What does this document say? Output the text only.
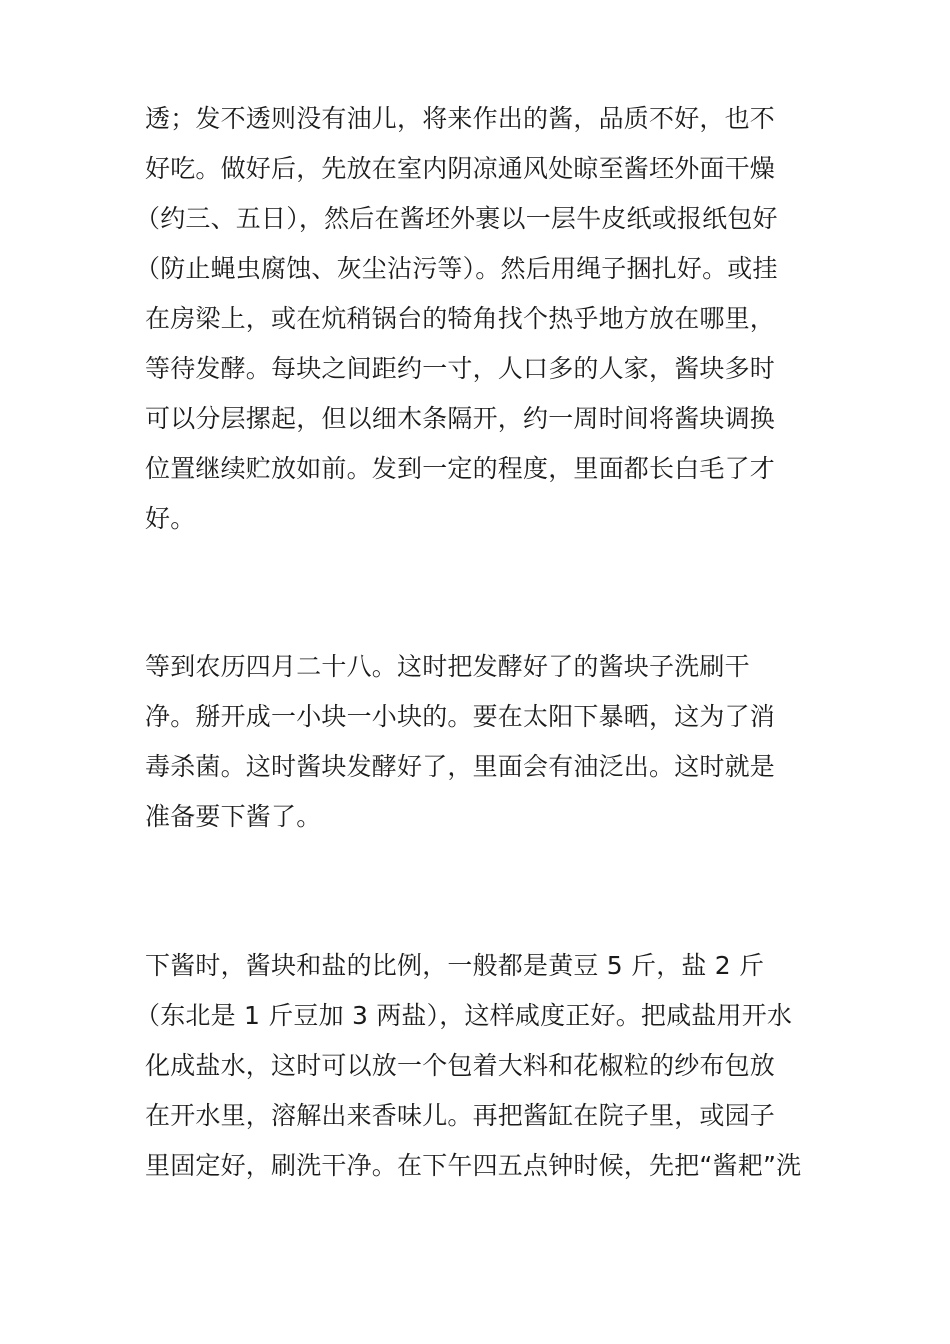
透；发不透则没有油儿，将来作出的酱，品质不好，也不
好吃。做好后，先放在室内阴凉通风处晾至酱坯外面干燥
（约三、五日），然后在酱坯外裹以一层牛皮纸或报纸包好
（防止蝇虫腐蚀、灰尘沾污等）。然后用绳子捆扎好。或挂
在房梁上，或在炕稍锅台的犄角找个热乎地方放在哪里，
等待发酵。每块之间距约一寸，人口多的人家，酱块多时
可以分层摞起，但以细木条隔开，约一周时间将酱块调换
位置继续贮放如前。发到一定的程度，里面都长白毛了才
好。

等到农历四月二十八。这时把发酵好了的酱块子洗刷干
净。掰开成一小块一小块的。要在太阳下暴晒，这为了消
毒杀菌。这时酱块发酵好了，里面会有油泛出。这时就是
准备要下酱了。

下酱时，酱块和盐的比例，一般都是黄豆 5 斤，盐 2 斤
（东北是 1 斤豆加 3 两盐），这样咸度正好。把咸盐用开水
化成盐水，这时可以放一个包着大料和花椒粒的纱布包放
在开水里，溶解出来香味儿。再把酱缸在院子里，或园子
里固定好，刷洗干净。在下午四五点钟时候，先把“酱耙”洗
